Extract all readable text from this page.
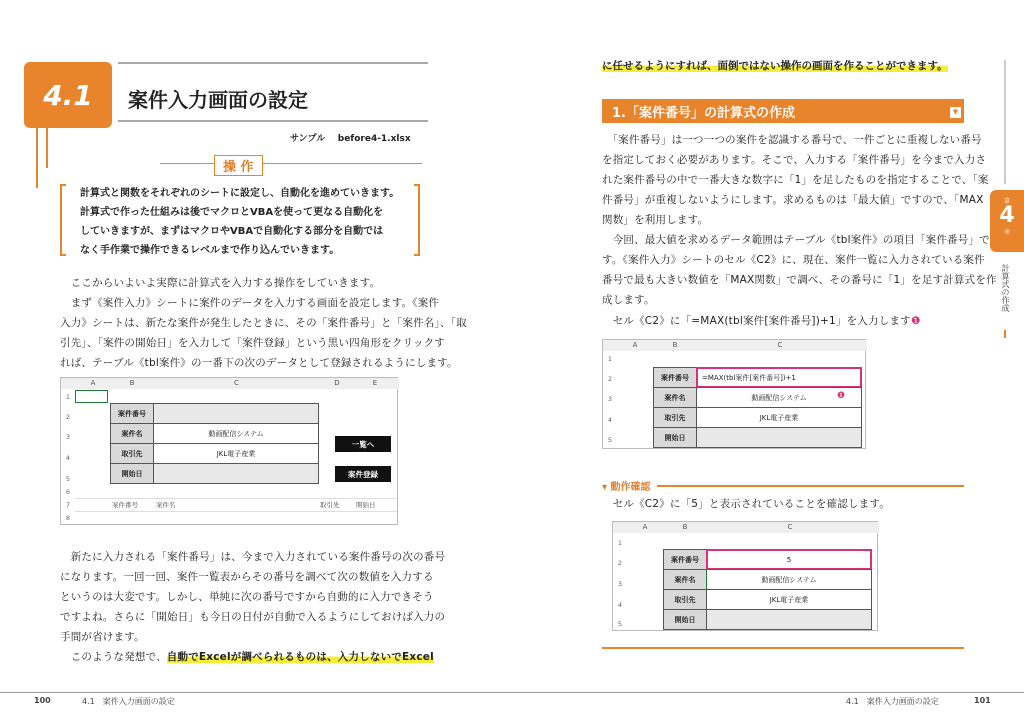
4.1 案件入力画面の設定
サンプル before4-1.xlsx
操 作
計算式と関数をそれぞれのシートに設定し、自動化を進めていきます。
計算式で作った仕組みは後でマクロとVBAを使って更なる自動化を
していきますが、まずはマクロやVBAで自動化する部分を自動では
なく手作業で操作できるレベルまで作り込んでいきます。
　ここからいよいよ実際に計算式を入力する操作をしていきます。
　まず《案件入力》シートに案件のデータを入力する画面を設定します。《案件
入力》シートは、新たな案件が発生したときに、その「案件番号」と「案件名」、「取
引先」、「案件の開始日」を入力して「案件登録」という黒い四角形をクリックす
れば、テーブル《tbl案件》の一番下の次のデータとして登録されるようにします。
A	B	C	D	E
1
2
3
4
5
6
7
8
案件番号
案件名	動画配信システム
取引先	JKL電子産業
開始日
一覧へ
案件登録
案件番号	案件名	取引先	開始日
　新たに入力される「案件番号」は、今まで入力されている案件番号の次の番号
になります。一回一回、案件一覧表からその番号を調べて次の数値を入力する
というのは大変です。しかし、単純に次の番号ですから自動的に入力できそう
ですよね。さらに「開始日」も今日の日付が自動で入るようにしておけば入力の
手間が省けます。
　このような発想で、自動でExcelが調べられるものは、入力しないでExcel
100	4.1　案件入力画面の設定
に任せるようにすれば、面倒ではない操作の画面を作ることができます。
1.「案件番号」の計算式の作成	▼
　「案件番号」は一つ一つの案件を認識する番号で、一件ごとに重複しない番号
を指定しておく必要があります。そこで、入力する「案件番号」を今まで入力さ
れた案件番号の中で一番大きな数字に「1」を足したものを指定することで、「案
件番号」が重複しないようにします。求めるものは「最大値」ですので、「MAX
関数」を利用します。
　今回、最大値を求めるデータ範囲はテーブル《tbl案件》の項目「案件番号」で
す。《案件入力》シートのセル《C2》に、現在、案件一覧に入力されている案件
番号で最も大きい数値を「MAX関数」で調べ、その番号に「1」を足す計算式を作
成します。
　セル《C2》に「=MAX(tbl案件[案件番号])+1」を入力します❶
A	B	C
1
2
3
4
5
案件番号	=MAX(tbl案件[案件番号])+1
案件名	動画配信システム
取引先	JKL電子産業
開始日
❶
▾ 動作確認
　セル《C2》に「5」と表示されていることを確認します。
A	B	C
1
2
3
4
5
案件番号	5
案件名	動画配信システム
取引先	JKL電子産業
開始日
第
4
章
計算式の作成
4.1　案件入力画面の設定	101
